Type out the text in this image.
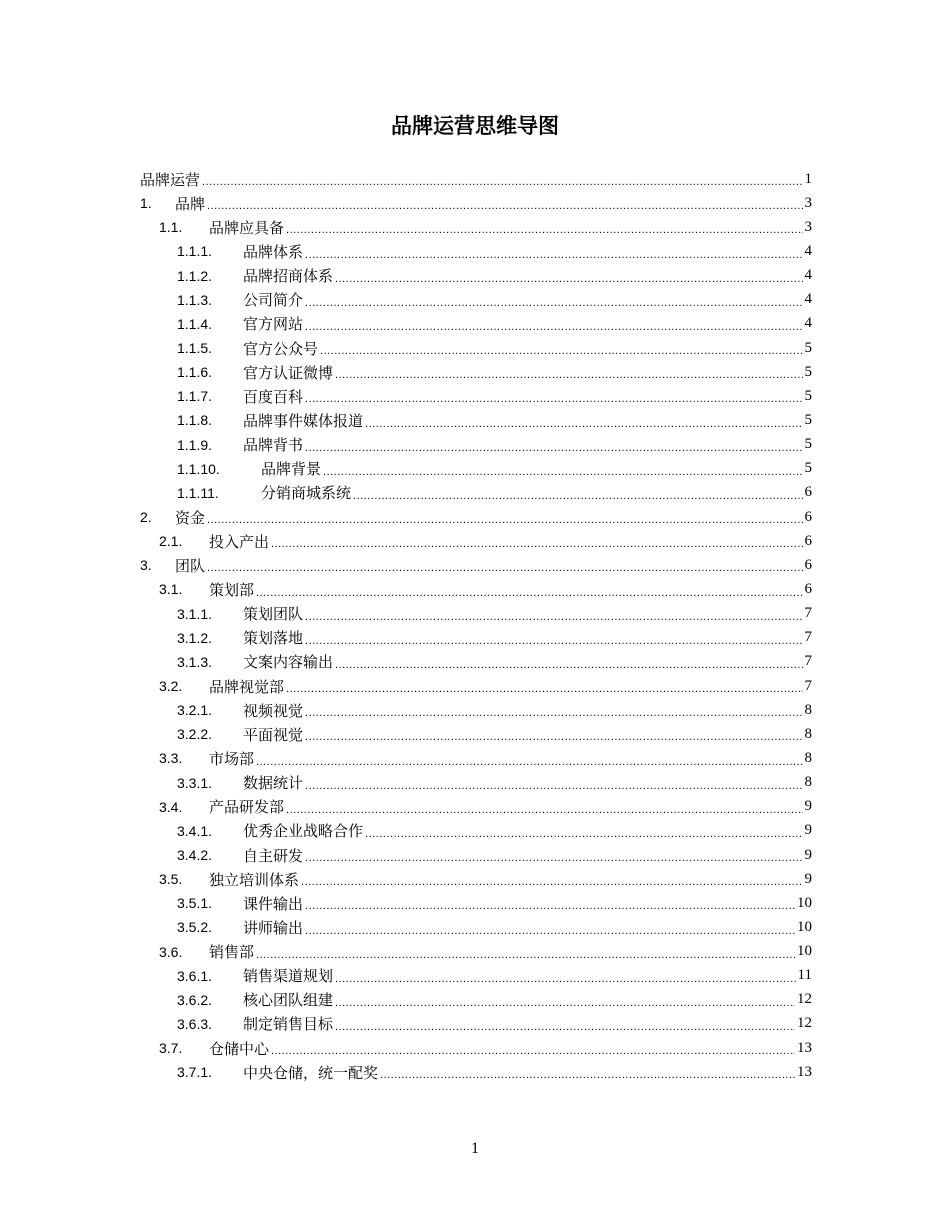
品牌运营思维导图
品牌运营 .....	1
1.	品牌 .....	3
1.1.	品牌应具备 .....	3
1.1.1.	品牌体系 .....	4
1.1.2.	品牌招商体系 .....	4
1.1.3.	公司简介 .....	4
1.1.4.	官方网站 .....	4
1.1.5.	官方公众号 .....	5
1.1.6.	官方认证微博 .....	5
1.1.7.	百度百科 .....	5
1.1.8.	品牌事件媒体报道 .....	5
1.1.9.	品牌背书 .....	5
1.1.10.	品牌背景 .....	5
1.1.11.	分销商城系统 .....	6
2.	资金 .....	6
2.1.	投入产出 .....	6
3.	团队 .....	6
3.1.	策划部 .....	6
3.1.1.	策划团队 .....	7
3.1.2.	策划落地 .....	7
3.1.3.	文案内容输出 .....	7
3.2.	品牌视觉部 .....	7
3.2.1.	视频视觉 .....	8
3.2.2.	平面视觉 .....	8
3.3.	市场部 .....	8
3.3.1.	数据统计 .....	8
3.4.	产品研发部 .....	9
3.4.1.	优秀企业战略合作 .....	9
3.4.2.	自主研发 .....	9
3.5.	独立培训体系 .....	9
3.5.1.	课件输出 .....	10
3.5.2.	讲师输出 .....	10
3.6.	销售部 .....	10
3.6.1.	销售渠道规划 .....	11
3.6.2.	核心团队组建 .....	12
3.6.3.	制定销售目标 .....	12
3.7.	仓储中心 .....	13
3.7.1.	中央仓储，统一配奖 .....	13
1
